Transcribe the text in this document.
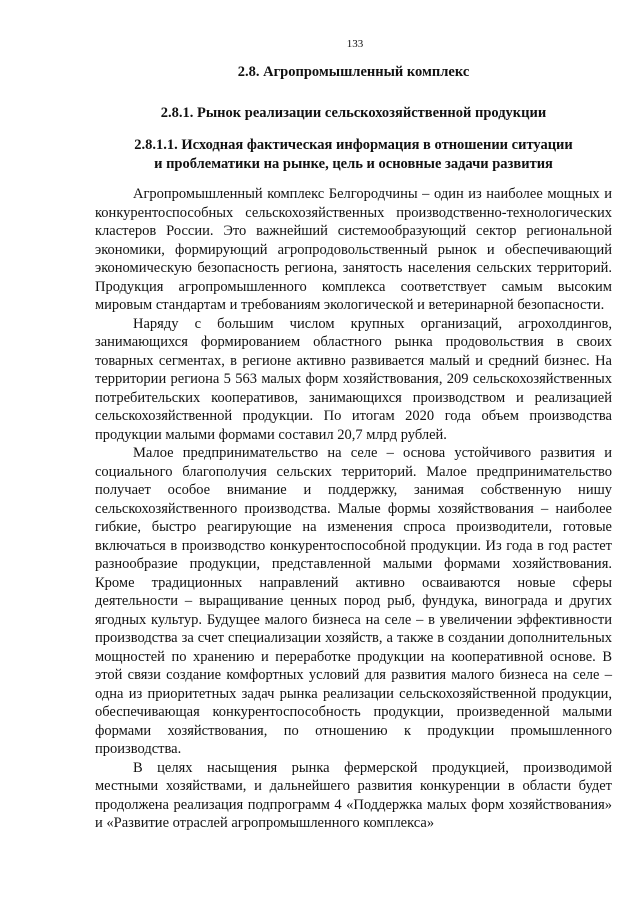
133
2.8. Агропромышленный комплекс
2.8.1. Рынок реализации сельскохозяйственной продукции
2.8.1.1. Исходная фактическая информация в отношении ситуации
и проблематики на рынке, цель и основные задачи развития

Агропромышленный комплекс Белгородчины – один из наиболее мощных и конкурентоспособных сельскохозяйственных производственно-технологических кластеров России. Это важнейший системообразующий сектор региональной экономики, формирующий агропродовольственный рынок и обеспечивающий экономическую безопасность региона, занятость населения сельских территорий. Продукция агропромышленного комплекса соответствует самым высоким мировым стандартам и требованиям экологической и ветеринарной безопасности.

Наряду с большим числом крупных организаций, агрохолдингов, занимающихся формированием областного рынка продовольствия в своих товарных сегментах, в регионе активно развивается малый и средний бизнес. На территории региона 5 563 малых форм хозяйствования, 209 сельскохозяйственных потребительских кооперативов, занимающихся производством и реализацией сельскохозяйственной продукции. По итогам 2020 года объем производства продукции малыми формами составил 20,7 млрд рублей.

Малое предпринимательство на селе – основа устойчивого развития и социального благополучия сельских территорий. Малое предпринимательство получает особое внимание и поддержку, занимая собственную нишу сельскохозяйственного производства. Малые формы хозяйствования – наиболее гибкие, быстро реагирующие на изменения спроса производители, готовые включаться в производство конкурентоспособной продукции. Из года в год растет разнообразие продукции, представленной малыми формами хозяйствования. Кроме традиционных направлений активно осваиваются новые сферы деятельности – выращивание ценных пород рыб, фундука, винограда и других ягодных культур. Будущее малого бизнеса на селе – в увеличении эффективности производства за счет специализации хозяйств, а также в создании дополнительных мощностей по хранению и переработке продукции на кооперативной основе. В этой связи создание комфортных условий для развития малого бизнеса на селе – одна из приоритетных задач рынка реализации сельскохозяйственной продукции, обеспечивающая конкурентоспособность продукции, произведенной малыми формами хозяйствования, по отношению к продукции промышленного производства.

В целях насыщения рынка фермерской продукцией, производимой местными хозяйствами, и дальнейшего развития конкуренции в области будет продолжена реализация подпрограмм 4 «Поддержка малых форм хозяйствования» и «Развитие отраслей агропромышленного комплекса»
